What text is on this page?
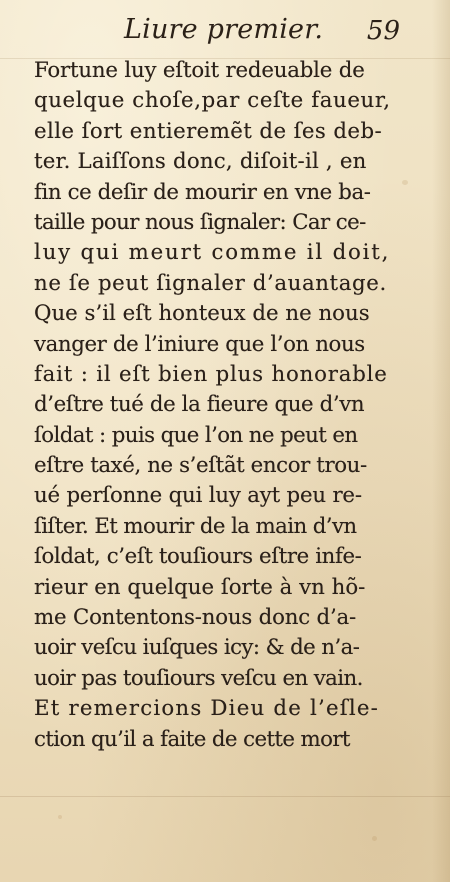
Liure premier. 59
Fortune luy eſtoit redeuable de
quelque choſe,par ceſte faueur,
elle ſort entieremẽt de ſes deb-
ter. Laiſſons donc, diſoit-il , en
fin ce deſir de mourir en vne ba-
taille pour nous ſignaler: Car ce-
luy qui meurt comme il doit,
ne ſe peut ſignaler d’auantage.
Que s’il eſt honteux de ne nous
vanger de l’iniure que l’on nous
fait : il eſt bien plus honorable
d’eſtre tué de la fieure que d’vn
ſoldat : puis que l’on ne peut en
eſtre taxé, ne s’eſtãt encor trou-
ué perſonne qui luy ayt peu re-
ſiſter. Et mourir de la main d’vn
ſoldat, c’eſt touſiours eſtre infe-
rieur en quelque ſorte à vn hõ-
me Contentons-nous donc d’a-
uoir veſcu iuſques icy: & de n’a-
uoir pas touſiours veſcu en vain.
Et remercions Dieu de l’eſle-
ction qu’il a faite de cette mort
